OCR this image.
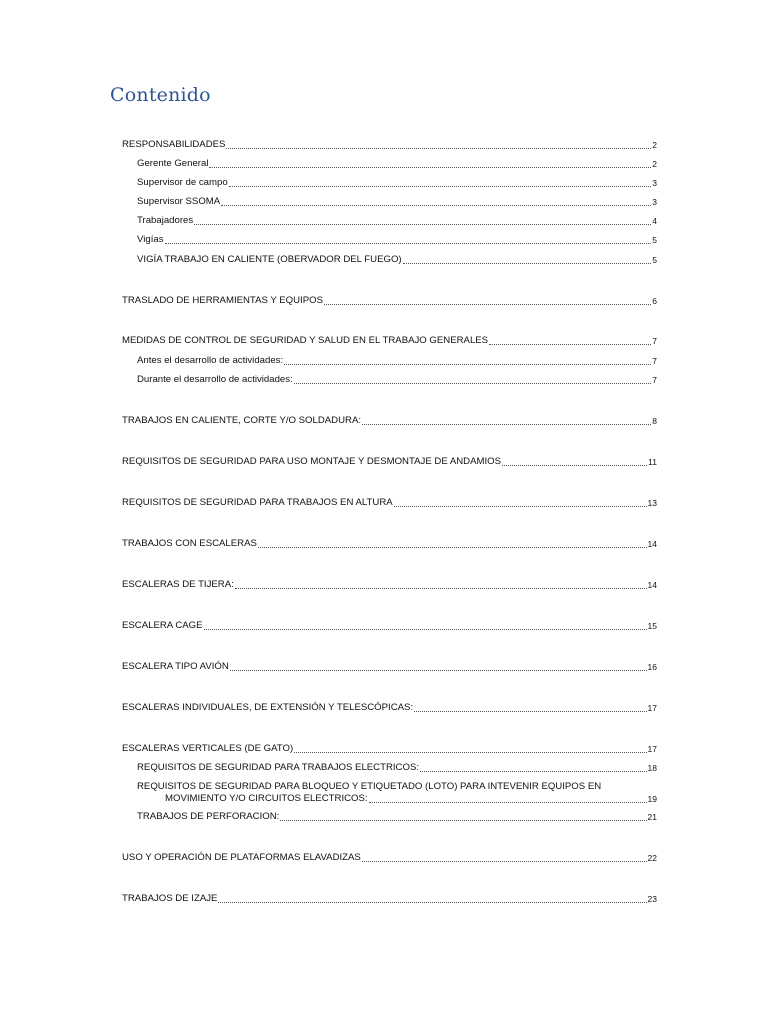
Contenido
RESPONSABILIDADES	2
Gerente General	2
Supervisor de campo	3
Supervisor SSOMA	3
Trabajadores	4
Vigías	5
VIGÍA TRABAJO EN CALIENTE (OBERVADOR DEL FUEGO)	5
TRASLADO DE HERRAMIENTAS Y EQUIPOS	6
MEDIDAS DE CONTROL DE SEGURIDAD Y SALUD EN EL TRABAJO GENERALES	7
Antes el desarrollo de actividades:	7
Durante el desarrollo de actividades:	7
TRABAJOS EN CALIENTE, CORTE Y/O SOLDADURA:	8
REQUISITOS DE SEGURIDAD PARA USO MONTAJE Y DESMONTAJE DE ANDAMIOS	11
REQUISITOS DE SEGURIDAD PARA TRABAJOS EN ALTURA	13
TRABAJOS CON ESCALERAS	14
ESCALERAS DE TIJERA:	14
ESCALERA CAGE	15
ESCALERA TIPO AVIÓN	16
ESCALERAS INDIVIDUALES, DE EXTENSIÓN Y TELESCÓPICAS:	17
ESCALERAS VERTICALES (DE GATO)	17
REQUISITOS DE SEGURIDAD PARA TRABAJOS ELECTRICOS:	18
REQUISITOS DE SEGURIDAD PARA BLOQUEO Y ETIQUETADO (LOTO) PARA INTEVENIR EQUIPOS EN
MOVIMIENTO Y/O CIRCUITOS ELECTRICOS:	19
TRABAJOS DE PERFORACION:	21
USO Y OPERACIÓN DE PLATAFORMAS ELAVADIZAS	22
TRABAJOS DE IZAJE	23
